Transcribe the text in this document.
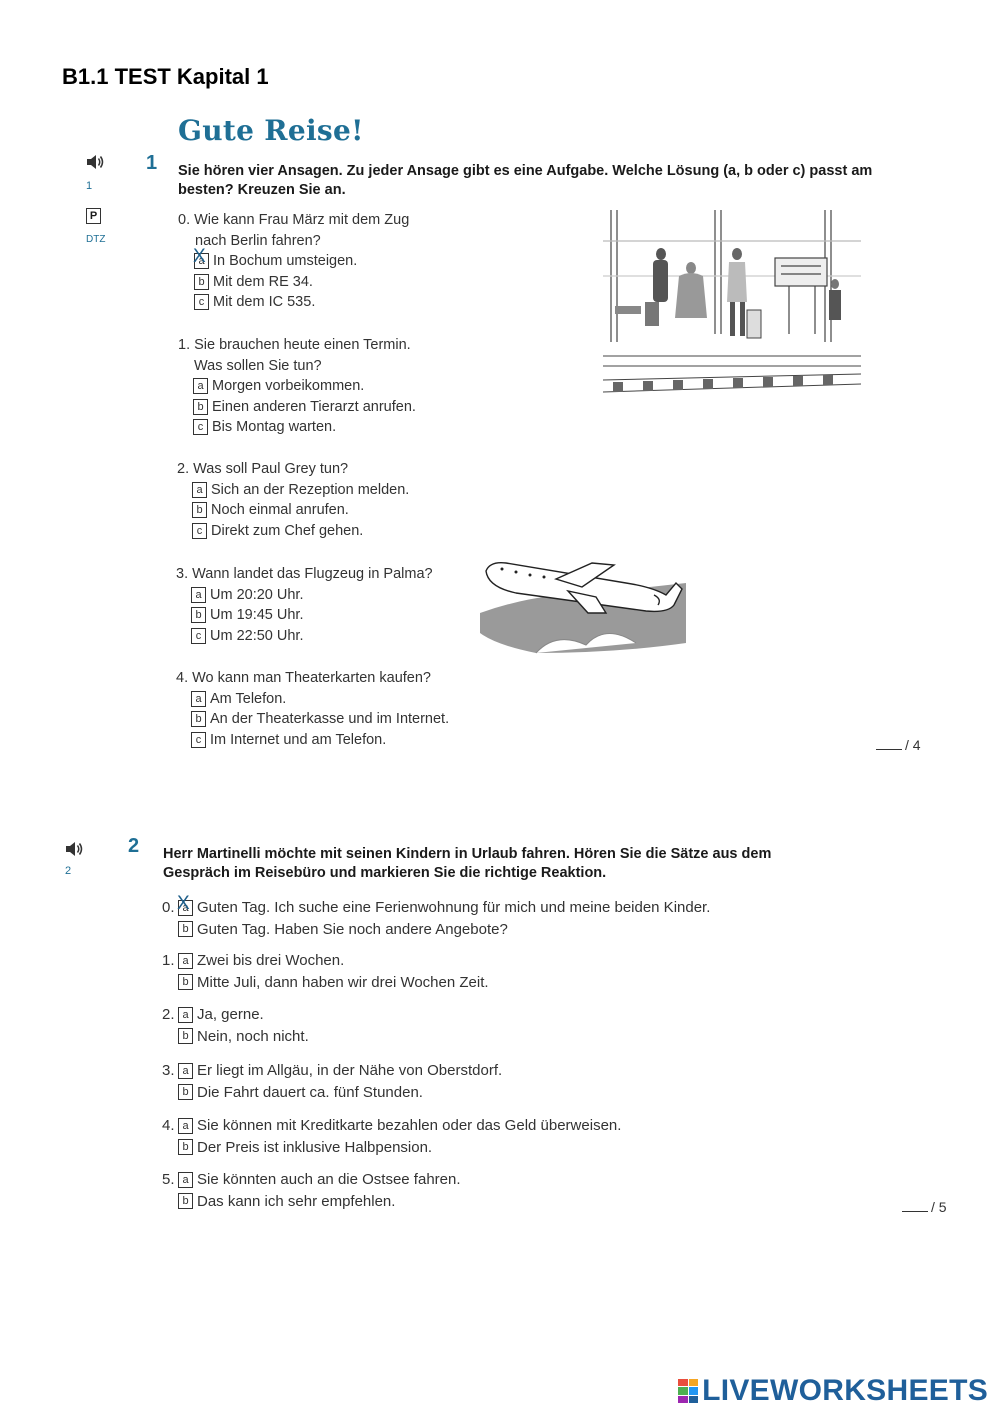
B1.1 TEST Kapital 1
Gute Reise!
1
P
DTZ
1 Sie hören vier Ansagen. Zu jeder Ansage gibt es eine Aufgabe. Welche Lösung (a, b oder c) passt am
besten? Kreuzen Sie an.
0. Wie kann Frau März mit dem Zug
nach Berlin fahren?
a X In Bochum umsteigen.
b Mit dem RE 34.
c Mit dem IC 535.
1. Sie brauchen heute einen Termin.
Was sollen Sie tun?
a Morgen vorbeikommen.
b Einen anderen Tierarzt anrufen.
c Bis Montag warten.
2. Was soll Paul Grey tun?
a Sich an der Rezeption melden.
b Noch einmal anrufen.
c Direkt zum Chef gehen.
3. Wann landet das Flugzeug in Palma?
a Um 20:20 Uhr.
b Um 19:45 Uhr.
c Um 22:50 Uhr.
4. Wo kann man Theaterkarten kaufen?
a Am Telefon.
b An der Theaterkasse und im Internet.
c Im Internet und am Telefon.	/ 4
2
2 Herr Martinelli möchte mit seinen Kindern in Urlaub fahren. Hören Sie die Sätze aus dem
Gespräch im Reisebüro und markieren Sie die richtige Reaktion.
0. a X Guten Tag. Ich suche eine Ferienwohnung für mich und meine beiden Kinder.
b Guten Tag. Haben Sie noch andere Angebote?
1. a Zwei bis drei Wochen.
b Mitte Juli, dann haben wir drei Wochen Zeit.
2. a Ja, gerne.
b Nein, noch nicht.
3. a Er liegt im Allgäu, in der Nähe von Oberstdorf.
b Die Fahrt dauert ca. fünf Stunden.
4. a Sie können mit Kreditkarte bezahlen oder das Geld überweisen.
b Der Preis ist inklusive Halbpension.
5. a Sie könnten auch an die Ostsee fahren.
b Das kann ich sehr empfehlen.	/ 5
LIVEWORKSHEETS
